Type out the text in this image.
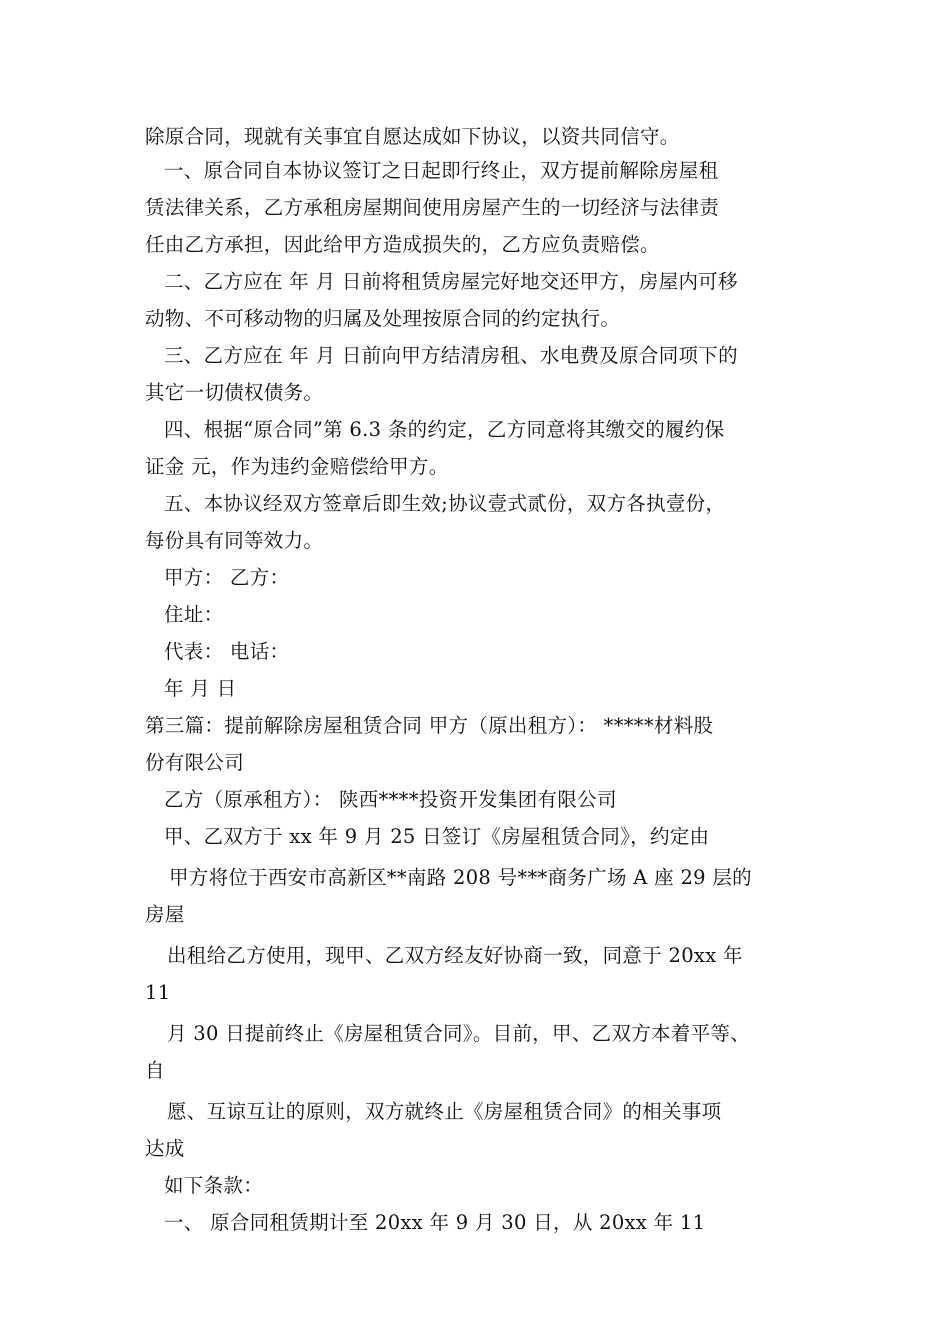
除原合同，现就有关事宜自愿达成如下协议，以资共同信守。
一、原合同自本协议签订之日起即行终止，双方提前解除房屋租
赁法律关系，乙方承租房屋期间使用房屋产生的一切经济与法律责
任由乙方承担，因此给甲方造成损失的，乙方应负责赔偿。
二、乙方应在 年 月 日前将租赁房屋完好地交还甲方，房屋内可移
动物、不可移动物的归属及处理按原合同的约定执行。
三、乙方应在 年 月 日前向甲方结清房租、水电费及原合同项下的
其它一切债权债务。
四、根据“原合同”第 6.3 条的约定，乙方同意将其缴交的履约保
证金 元，作为违约金赔偿给甲方。
五、本协议经双方签章后即生效;协议壹式贰份，双方各执壹份，
每份具有同等效力。
甲方： 乙方：
住址：
代表： 电话：
年 月 日
第三篇：提前解除房屋租赁合同 甲方（原出租方）： *****材料股
份有限公司
乙方（原承租方）： 陕西****投资开发集团有限公司
甲、乙双方于 xx 年 9 月 25 日签订《房屋租赁合同》，约定由
甲方将位于西安市高新区**南路 208 号***商务广场 A 座 29 层的
房屋
出租给乙方使用，现甲、乙双方经友好协商一致，同意于 20xx 年
11
月 30 日提前终止《房屋租赁合同》。目前，甲、乙双方本着平等、
自
愿、互谅互让的原则，双方就终止《房屋租赁合同》的相关事项
达成
如下条款：
一、 原合同租赁期计至 20xx 年 9 月 30 日，从 20xx 年 11
